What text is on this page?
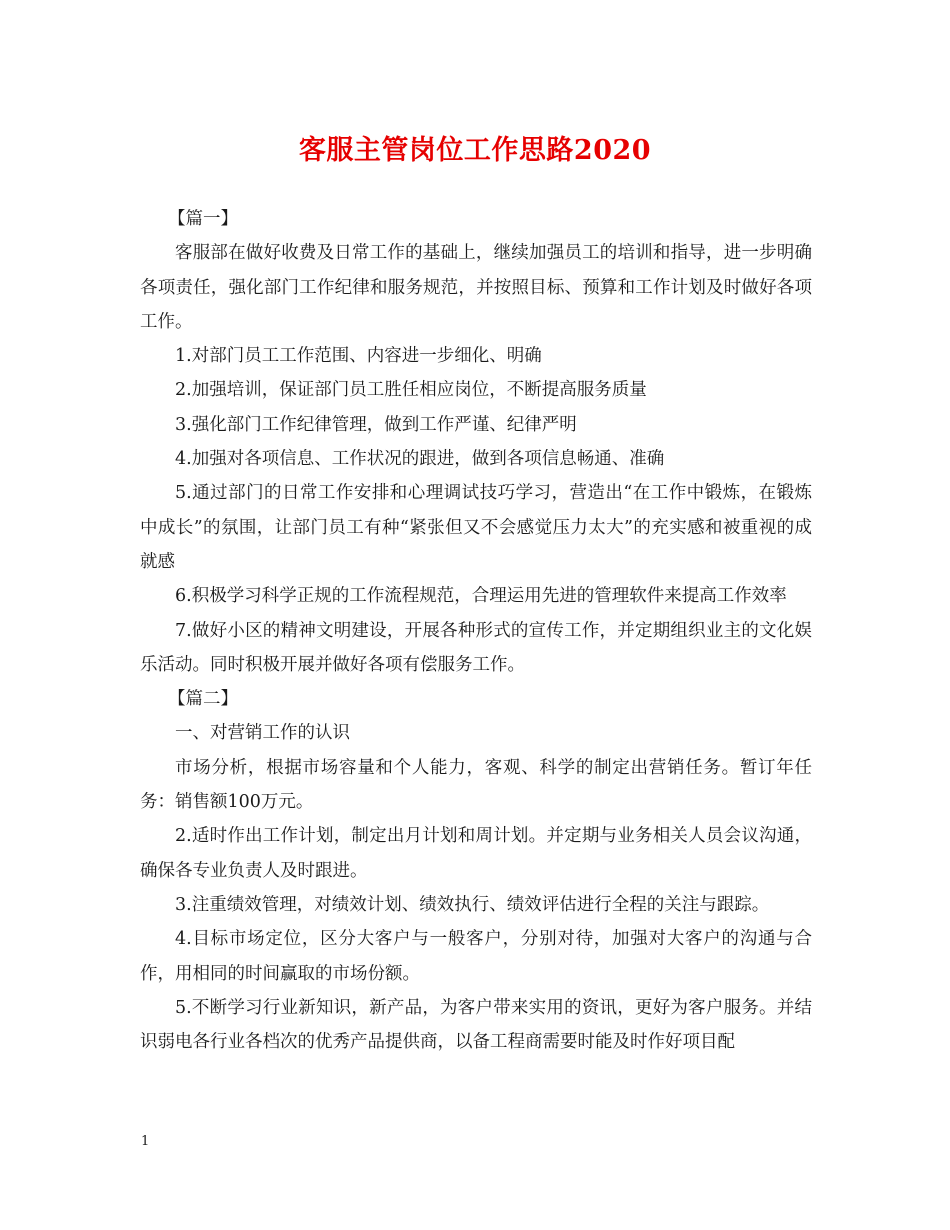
客服主管岗位工作思路2020

【篇一】

客服部在做好收费及日常工作的基础上，继续加强员工的培训和指导，进一步明确各项责任，强化部门工作纪律和服务规范，并按照目标、预算和工作计划及时做好各项工作。

1.对部门员工工作范围、内容进一步细化、明确

2.加强培训，保证部门员工胜任相应岗位，不断提高服务质量

3.强化部门工作纪律管理，做到工作严谨、纪律严明

4.加强对各项信息、工作状况的跟进，做到各项信息畅通、准确

5.通过部门的日常工作安排和心理调试技巧学习，营造出“在工作中锻炼，在锻炼中成长”的氛围，让部门员工有种“紧张但又不会感觉压力太大”的充实感和被重视的成就感

6.积极学习科学正规的工作流程规范，合理运用先进的管理软件来提高工作效率

7.做好小区的精神文明建设，开展各种形式的宣传工作，并定期组织业主的文化娱乐活动。同时积极开展并做好各项有偿服务工作。

【篇二】

一、对营销工作的认识

市场分析，根据市场容量和个人能力，客观、科学的制定出营销任务。暂订年任务：销售额100万元。

2.适时作出工作计划，制定出月计划和周计划。并定期与业务相关人员会议沟通，确保各专业负责人及时跟进。

3.注重绩效管理，对绩效计划、绩效执行、绩效评估进行全程的关注与跟踪。

4.目标市场定位，区分大客户与一般客户，分别对待，加强对大客户的沟通与合作，用相同的时间赢取的市场份额。

5.不断学习行业新知识，新产品，为客户带来实用的资讯，更好为客户服务。并结识弱电各行业各档次的优秀产品提供商，以备工程商需要时能及时作好项目配

1
